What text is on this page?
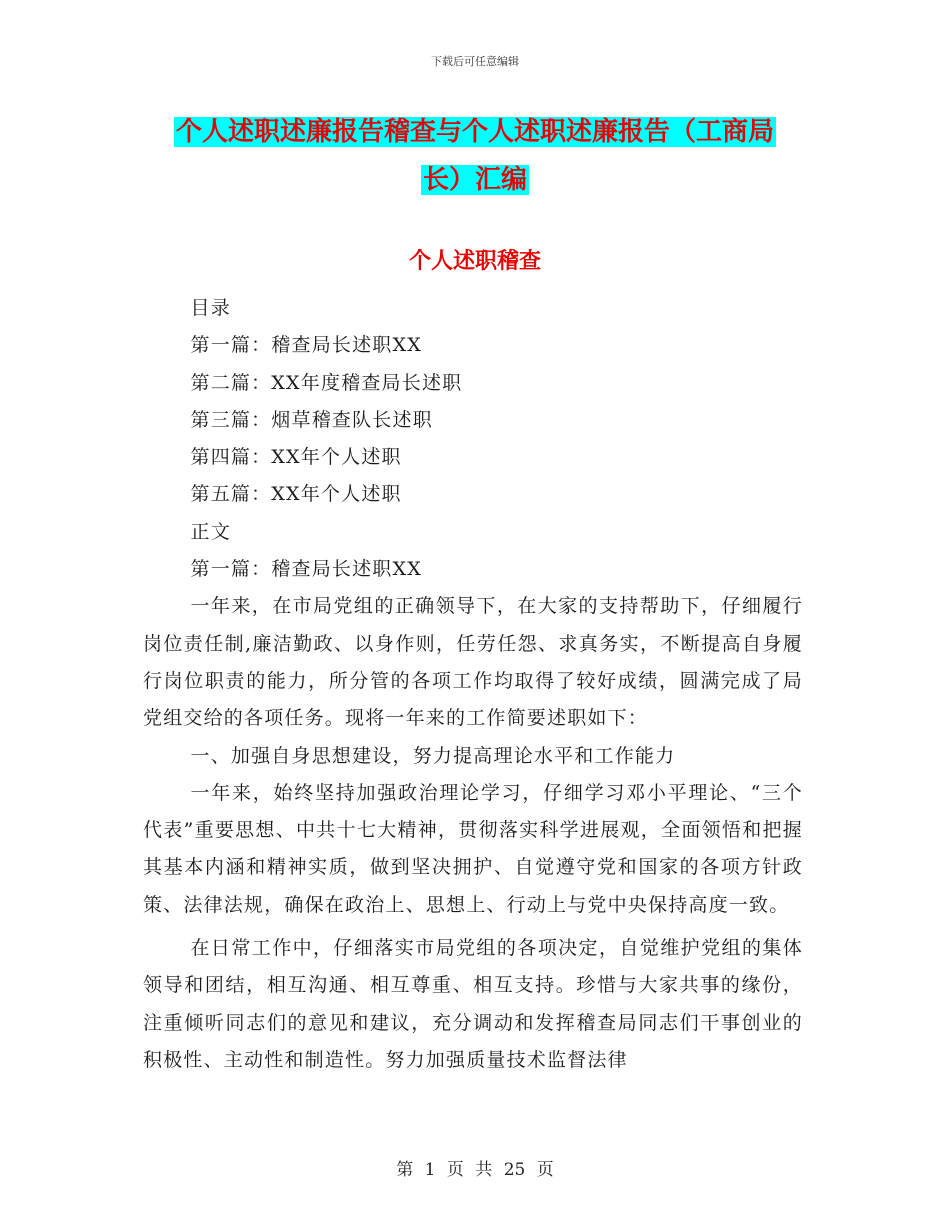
下载后可任意编辑
个人述职述廉报告稽查与个人述职述廉报告（工商局
长）汇编
个人述职稽查

目录

第一篇：稽查局长述职XX

第二篇：XX年度稽查局长述职

第三篇：烟草稽查队长述职

第四篇：XX年个人述职

第五篇：XX年个人述职

正文

第一篇：稽查局长述职XX

一年来，在市局党组的正确领导下，在大家的支持帮助下，仔细履行岗位责任制,廉洁勤政、以身作则，任劳任怨、求真务实，不断提高自身履行岗位职责的能力，所分管的各项工作均取得了较好成绩，圆满完成了局党组交给的各项任务。现将一年来的工作简要述职如下：

一、加强自身思想建设，努力提高理论水平和工作能力

一年来，始终坚持加强政治理论学习，仔细学习邓小平理论、“三个代表”重要思想、中共十七大精神，贯彻落实科学进展观，全面领悟和把握其基本内涵和精神实质，做到坚决拥护、自觉遵守党和国家的各项方针政策、法律法规，确保在政治上、思想上、行动上与党中央保持高度一致。

在日常工作中，仔细落实市局党组的各项决定，自觉维护党组的集体领导和团结，相互沟通、相互尊重、相互支持。珍惜与大家共事的缘份，注重倾听同志们的意见和建议，充分调动和发挥稽查局同志们干事创业的积极性、主动性和制造性。努力加强质量技术监督法律

第 1 页 共 25 页
